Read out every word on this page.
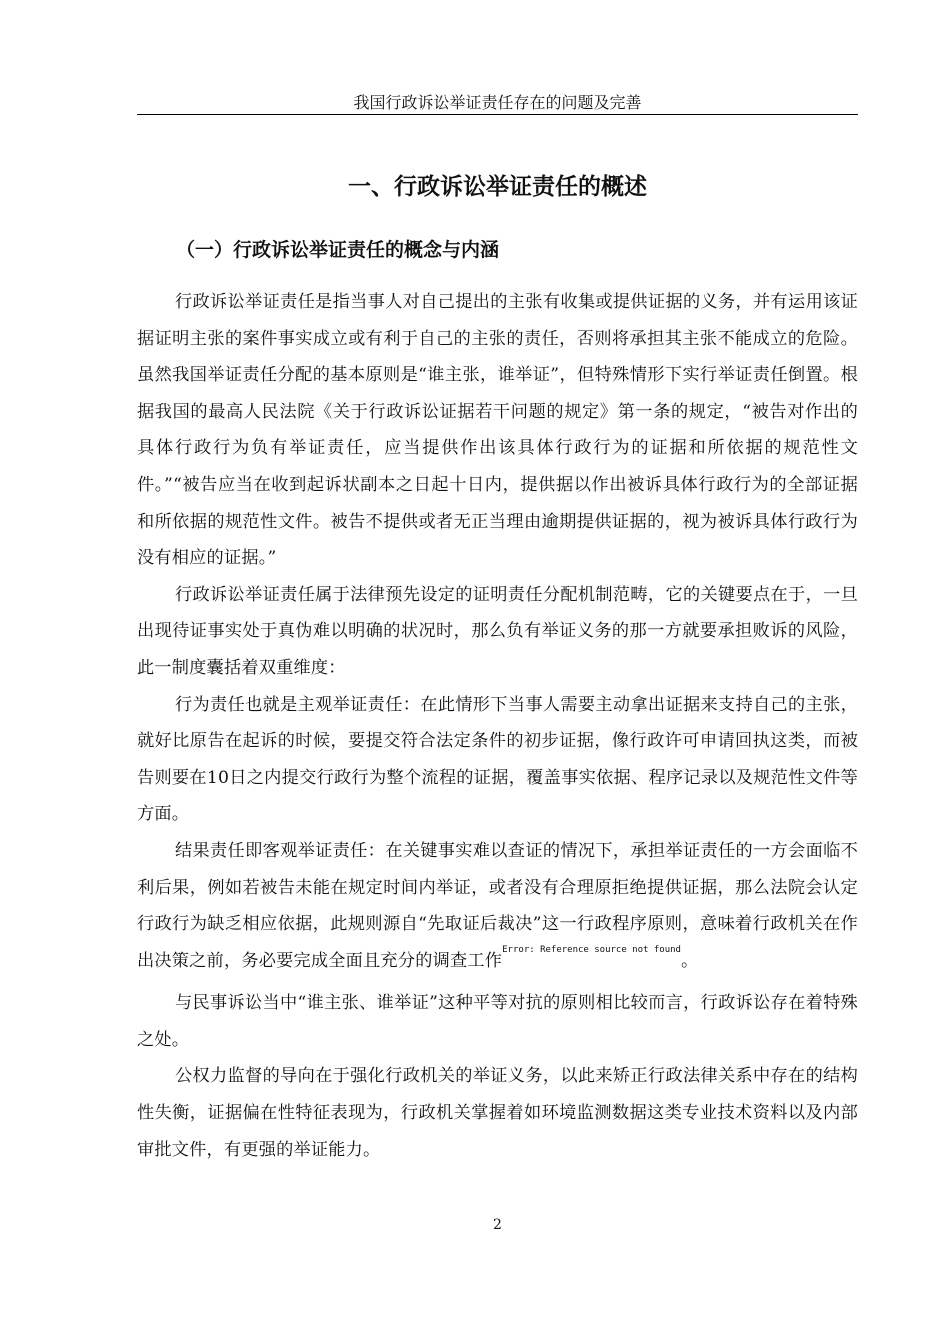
我国行政诉讼举证责任存在的问题及完善
一、行政诉讼举证责任的概述
（一）行政诉讼举证责任的概念与内涵

行政诉讼举证责任是指当事人对自己提出的主张有收集或提供证据的义务，并有运用该证据证明主张的案件事实成立或有利于自己的主张的责任，否则将承担其主张不能成立的危险。虽然我国举证责任分配的基本原则是“谁主张，谁举证”，但特殊情形下实行举证责任倒置。根据我国的最高人民法院《关于行政诉讼证据若干问题的规定》第一条的规定，“被告对作出的具体行政行为负有举证责任，应当提供作出该具体行政行为的证据和所依据的规范性文件。”“被告应当在收到起诉状副本之日起十日内，提供据以作出被诉具体行政行为的全部证据和所依据的规范性文件。被告不提供或者无正当理由逾期提供证据的，视为被诉具体行政行为没有相应的证据。”

行政诉讼举证责任属于法律预先设定的证明责任分配机制范畴，它的关键要点在于，一旦出现待证事实处于真伪难以明确的状况时，那么负有举证义务的那一方就要承担败诉的风险，此一制度囊括着双重维度：

行为责任也就是主观举证责任：在此情形下当事人需要主动拿出证据来支持自己的主张，就好比原告在起诉的时候，要提交符合法定条件的初步证据，像行政许可申请回执这类，而被告则要在10日之内提交行政行为整个流程的证据，覆盖事实依据、程序记录以及规范性文件等方面。

结果责任即客观举证责任：在关键事实难以查证的情况下，承担举证责任的一方会面临不利后果，例如若被告未能在规定时间内举证，或者没有合理原拒绝提供证据，那么法院会认定行政行为缺乏相应依据，此规则源自“先取证后裁决”这一行政程序原则，意味着行政机关在作出决策之前，务必要完成全面且充分的调查工作$^{Error: Reference source not found}$。

与民事诉讼当中“谁主张、谁举证”这种平等对抗的原则相比较而言，行政诉讼存在着特殊之处。

公权力监督的导向在于强化行政机关的举证义务，以此来矫正行政法律关系中存在的结构性失衡，证据偏在性特征表现为，行政机关掌握着如环境监测数据这类专业技术资料以及内部审批文件，有更强的举证能力。

2
